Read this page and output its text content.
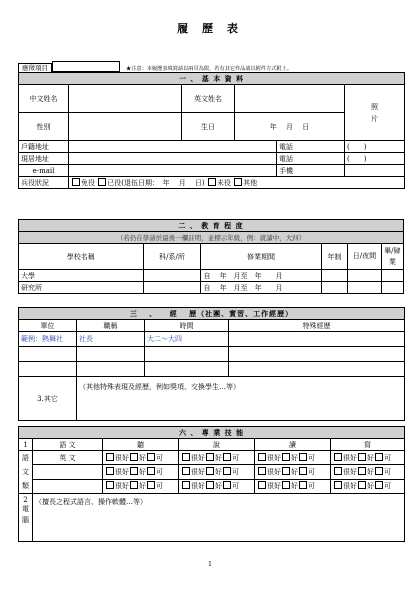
履 歷 表
應徵項目	★注意：本履歷表填寫請以兩頁為限，若有其它作品請以附件方式附上。
一 、 基 本 資 料					
中文姓名		英文姓名			照
片
性別		生日	年　 月　 日		
戶籍地址				電話	(　　)
現居地址				電話	(　　)
e-mail				手機	
兵役狀況	免役 已役(退伍日期：　年　 月　 日) 未役 其他				
二 、 教 育 程 度					
（若仍在學請於最後一欄註明，並標示年級，例：就讀中，大四）					
學校名稱	科/系/所	修業期間	年制	日/夜間	畢/肄業
大學		自　 年　月至　年　　月			
研究所		自　 年　月至　年　　月			
三　 、　　經　 歷（社團、實習、工作經歷）			
單位	職稱	時間	特殊經歷
範例：熱舞社	社長	大二～大四	

3.其它	（其他特殊表現及經歷，例如獎項、交換學生…等）		
六 、 專 業 技 能					
1	語 文	聽	說	讀	寫
語
文
類	英 文	很好 好 可	很好 好 可	很好 好 可	很好 好 可
		很好 好 可	很好 好 可	很好 好 可	很好 好 可
		很好 好 可	很好 好 可	很好 好 可	很好 好 可

2
電
腦	（擅長之程式語言、操作軟體…等）				
1
